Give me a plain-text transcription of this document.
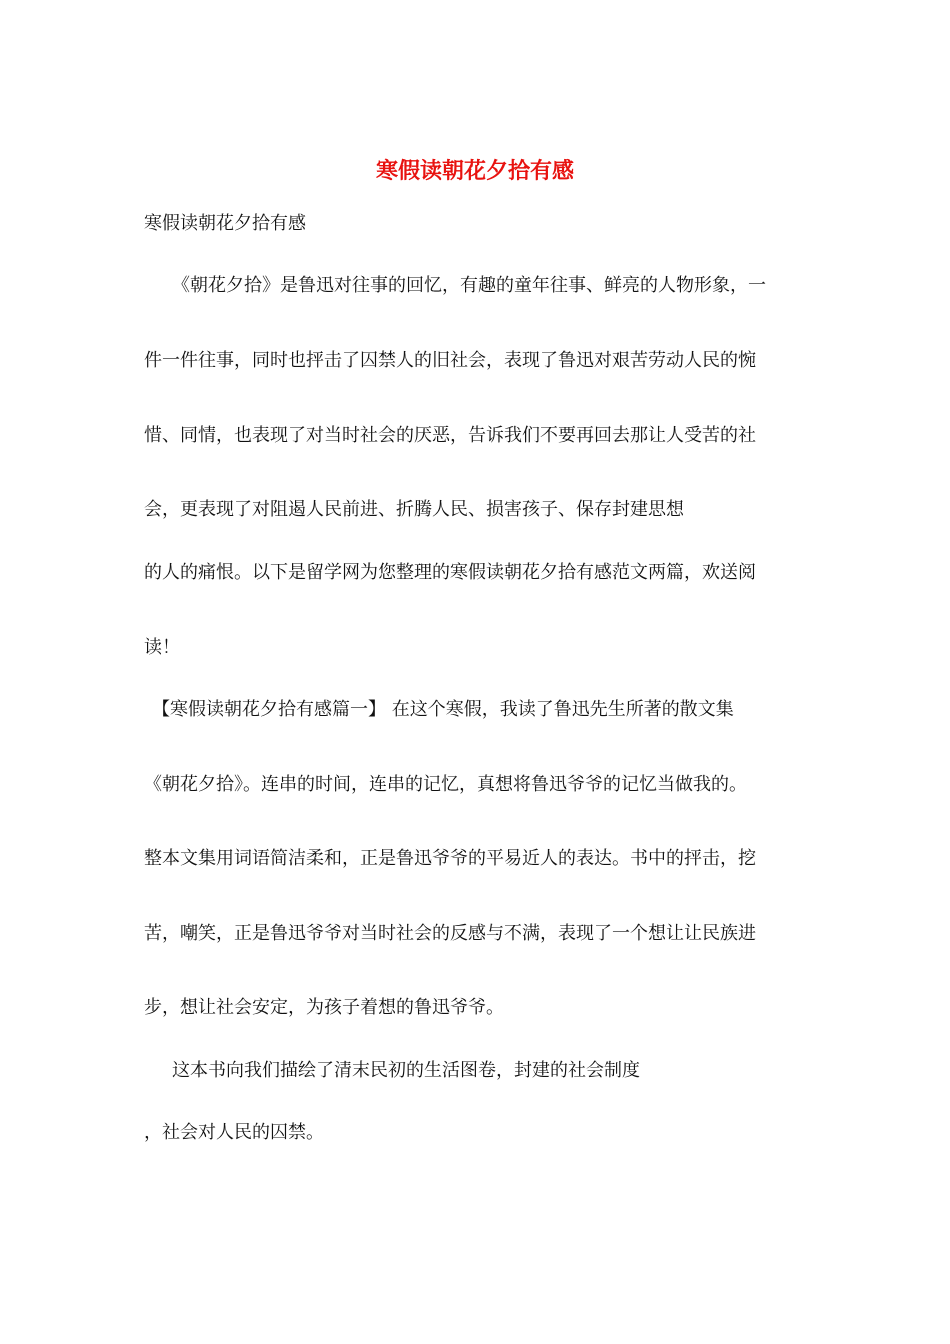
寒假读朝花夕拾有感
寒假读朝花夕拾有感
《朝花夕拾》是鲁迅对往事的回忆，有趣的童年往事、鲜亮的人物形象，一
件一件往事，同时也抨击了囚禁人的旧社会，表现了鲁迅对艰苦劳动人民的惋
惜、同情，也表现了对当时社会的厌恶，告诉我们不要再回去那让人受苦的社
会，更表现了对阻遏人民前进、折腾人民、损害孩子、保存封建思想
的人的痛恨。以下是留学网为您整理的寒假读朝花夕拾有感范文两篇，欢送阅
读！
【寒假读朝花夕拾有感篇一】 在这个寒假，我读了鲁迅先生所著的散文集
《朝花夕拾》。连串的时间，连串的记忆，真想将鲁迅爷爷的记忆当做我的。
整本文集用词语简洁柔和，正是鲁迅爷爷的平易近人的表达。书中的抨击，挖
苦，嘲笑，正是鲁迅爷爷对当时社会的反感与不满，表现了一个想让让民族进
步，想让社会安定，为孩子着想的鲁迅爷爷。
这本书向我们描绘了清末民初的生活图卷，封建的社会制度
，社会对人民的囚禁。
